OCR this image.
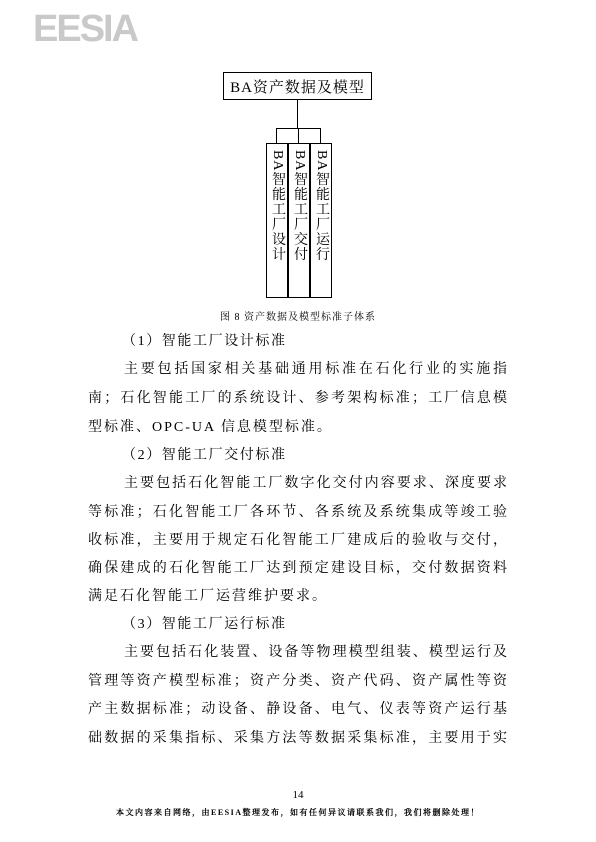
EESIA
BA资产数据及模型
BA智能工厂设计 BA智能工厂交付 BA智能工厂运行
图 8 资产数据及模型标准子体系
（1）智能工厂设计标准
主要包括国家相关基础通用标准在石化行业的实施指
南；石化智能工厂的系统设计、参考架构标准；工厂信息模
型标准、OPC-UA 信息模型标准。
（2）智能工厂交付标准
主要包括石化智能工厂数字化交付内容要求、深度要求
等标准；石化智能工厂各环节、各系统及系统集成等竣工验
收标准，主要用于规定石化智能工厂建成后的验收与交付，
确保建成的石化智能工厂达到预定建设目标，交付数据资料
满足石化智能工厂运营维护要求。
（3）智能工厂运行标准
主要包括石化装置、设备等物理模型组装、模型运行及
管理等资产模型标准；资产分类、资产代码、资产属性等资
产主数据标准；动设备、静设备、电气、仪表等资产运行基
础数据的采集指标、采集方法等数据采集标准，主要用于实
14
本文内容来自网络，由EESIA整理发布，如有任何异议请联系我们，我们将删除处理！
